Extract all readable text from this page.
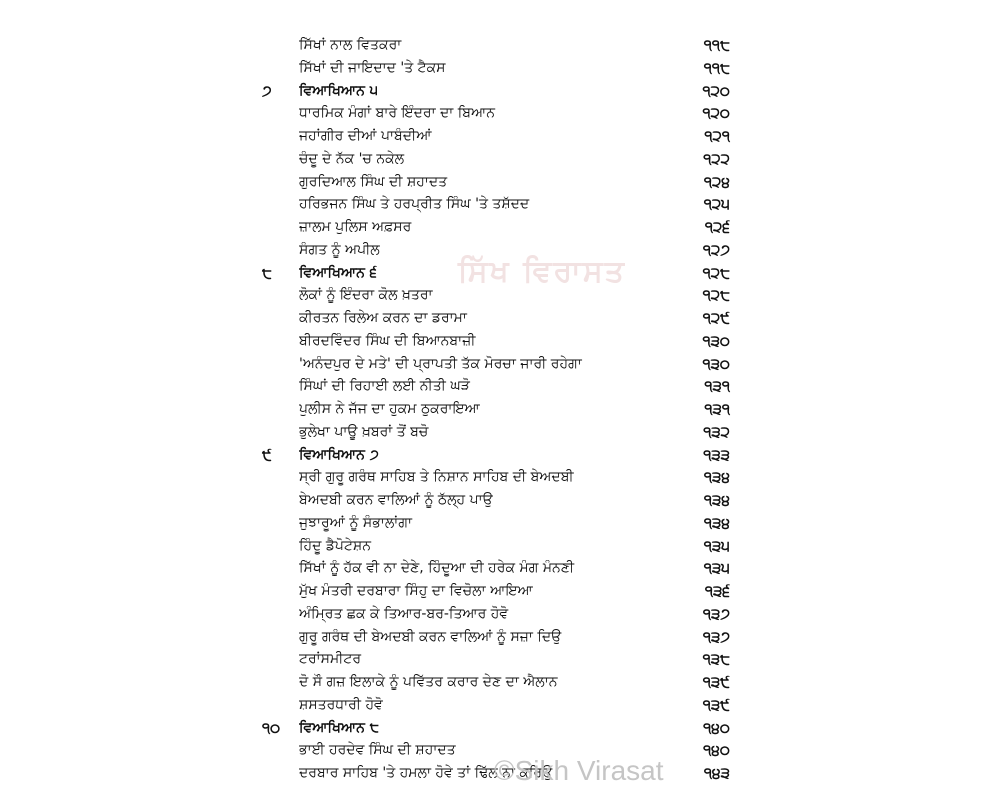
ਸਿੱਖਾਂ ਨਾਲ ਵਿਤਕਰਾ	੧੧੮
ਸਿੱਖਾਂ ਦੀ ਜਾਇਦਾਦ 'ਤੇ ਟੈਕਸ	੧੧੮
੭	ਵਿਆਖਿਆਨ ੫	੧੨੦
ਧਾਰਮਿਕ ਮੰਗਾਂ ਬਾਰੇ ਇੰਦਰਾ ਦਾ ਬਿਆਨ	੧੨੦
ਜਹਾਂਗੀਰ ਦੀਆਂ ਪਾਬੰਦੀਆਂ	੧੨੧
ਚੰਦੂ ਦੇ ਨੱਕ 'ਚ ਨਕੇਲ	੧੨੨
ਗੁਰਦਿਆਲ ਸਿੰਘ ਦੀ ਸ਼ਹਾਦਤ	੧੨੪
ਹਰਿਭਜਨ ਸਿੰਘ ਤੇ ਹਰਪ੍ਰੀਤ ਸਿੰਘ 'ਤੇ ਤਸ਼ੱਦਦ	੧੨੫
ਜ਼ਾਲਮ ਪੁਲਿਸ ਅਫ਼ਸਰ	੧੨੬
ਸੰਗਤ ਨੂੰ ਅਪੀਲ	੧੨੭
੮	ਵਿਆਖਿਆਨ ੬	੧੨੮
ਲੋਕਾਂ ਨੂੰ ਇੰਦਰਾ ਕੋਲ ਖ਼ਤਰਾ	੧੨੮
ਕੀਰਤਨ ਰਿਲੇਅ ਕਰਨ ਦਾ ਡਰਾਮਾ	੧੨੯
ਬੀਰਦਵਿੰਦਰ ਸਿੰਘ ਦੀ ਬਿਆਨਬਾਜ਼ੀ	੧੩੦
'ਅਨੰਦਪੁਰ ਦੇ ਮਤੇ' ਦੀ ਪ੍ਰਾਪਤੀ ਤੱਕ ਮੋਰਚਾ ਜਾਰੀ ਰਹੇਗਾ	੧੩੦
ਸਿੰਘਾਂ ਦੀ ਰਿਹਾਈ ਲਈ ਨੀਤੀ ਘੜੋ	੧੩੧
ਪੁਲੀਸ ਨੇ ਜੱਜ ਦਾ ਹੁਕਮ ਠੁਕਰਾਇਆ	੧੩੧
ਭੁਲੇਖਾ ਪਾਊ ਖ਼ਬਰਾਂ ਤੋਂ ਬਚੋ	੧੩੨
੯	ਵਿਆਖਿਆਨ ੭	੧੩੩
ਸ੍ਰੀ ਗੁਰੂ ਗਰੰਥ ਸਾਹਿਬ ਤੇ ਨਿਸ਼ਾਨ ਸਾਹਿਬ ਦੀ ਬੇਅਦਬੀ	੧੩੪
ਬੇਅਦਬੀ ਕਰਨ ਵਾਲਿਆਂ ਨੂੰ ਠੱਲ੍ਹ ਪਾਉ	੧੩੪
ਜੁਝਾਰੂਆਂ ਨੂੰ ਸੰਭਾਲਾਂਗਾ	੧੩੪
ਹਿੰਦੂ ਡੈਪੋਟੇਸ਼ਨ	੧੩੫
ਸਿੱਖਾਂ ਨੂੰ ਹੱਕ ਵੀ ਨਾ ਦੇਣੇ, ਹਿੰਦੂਆ ਦੀ ਹਰੇਕ ਮੰਗ ਮੰਨਣੀ	੧੩੫
ਮੁੱਖ ਮੰਤਰੀ ਦਰਬਾਰਾ ਸਿੰਹੁ ਦਾ ਵਿਚੋਲਾ ਆਇਆ	੧੩੬
ਅੰਮ੍ਰਿਤ ਛਕ ਕੇ ਤਿਆਰ-ਬਰ-ਤਿਆਰ ਹੋਵੋ	੧੩੭
ਗੁਰੂ ਗਰੰਥ ਦੀ ਬੇਅਦਬੀ ਕਰਨ ਵਾਲਿਆਂ ਨੂੰ ਸਜ਼ਾ ਦਿਉ	੧੩੭
ਟਰਾਂਸਮੀਟਰ	੧੩੮
ਦੋ ਸੌ ਗਜ਼ ਇਲਾਕੇ ਨੂੰ ਪਵਿੱਤਰ ਕਰਾਰ ਦੇਣ ਦਾ ਐਲਾਨ	੧੩੯
ਸ਼ਸਤਰਧਾਰੀ ਹੋਵੋ	੧੩੯
੧੦	ਵਿਆਖਿਆਨ ੮	੧੪੦
ਭਾਈ ਹਰਦੇਵ ਸਿੰਘ ਦੀ ਸ਼ਹਾਦਤ	੧੪੦
ਦਰਬਾਰ ਸਾਹਿਬ 'ਤੇ ਹਮਲਾ ਹੋਵੇ ਤਾਂ ਢਿੱਲ ਨਾ ਕਰਿਉ	੧੪੩
ਸਿੱਖ ਵਿਰਾਸਤ
©Sikh Virasat
